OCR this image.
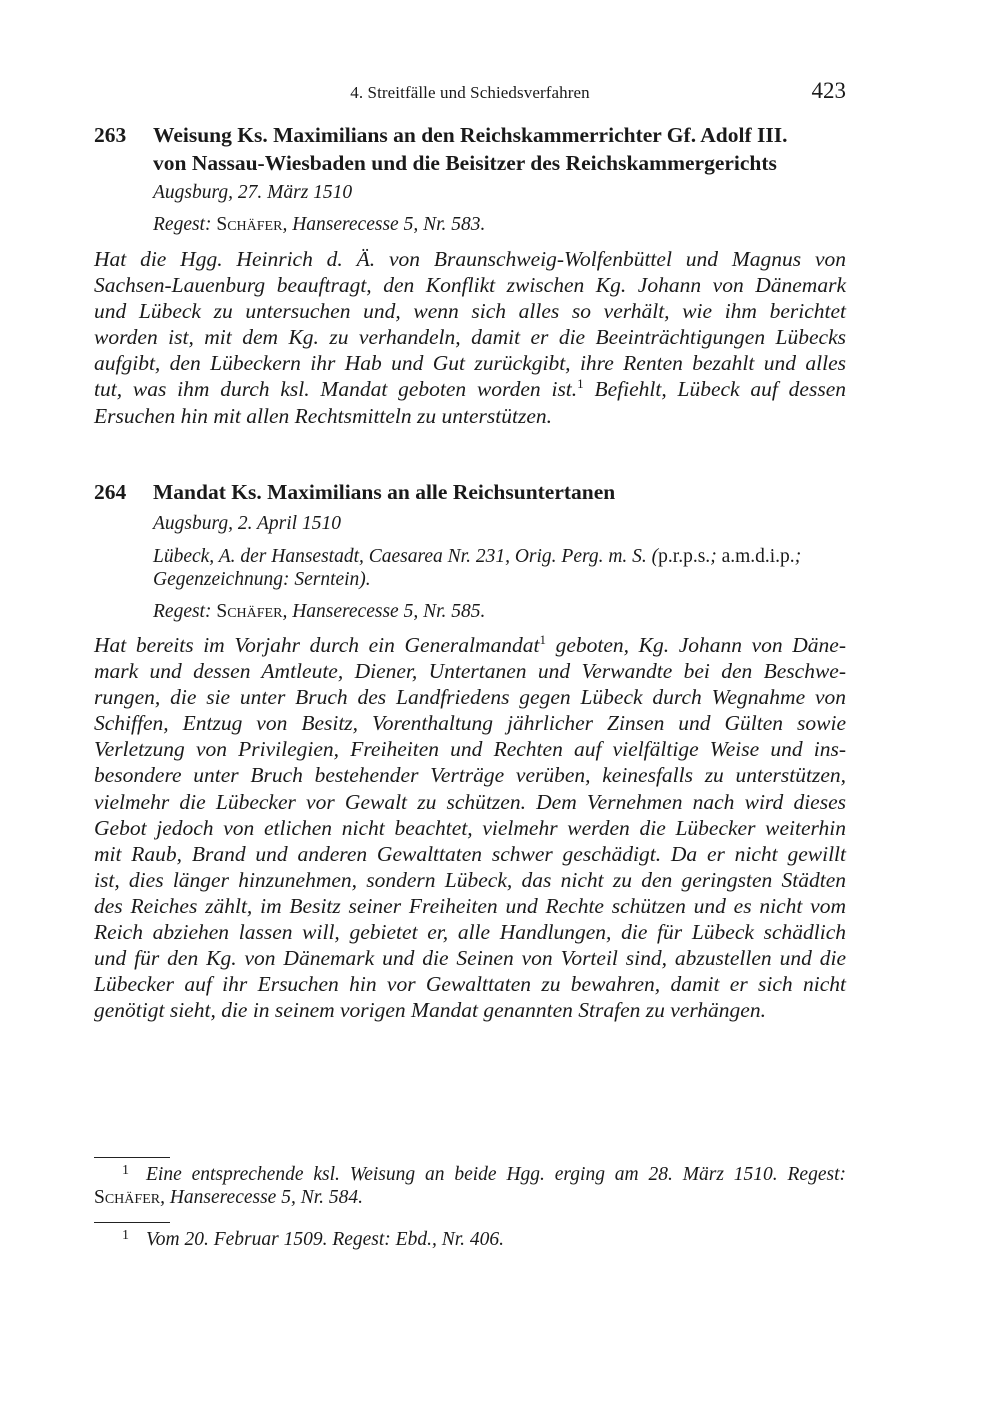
4. Streitfälle und Schiedsverfahren	423
263 Weisung Ks. Maximilians an den Reichskammerrichter Gf. Adolf III.
von Nassau-Wiesbaden und die Beisitzer des Reichskammergerichts
Augsburg, 27. März 1510
Regest: Schäfer, Hanserecesse 5, Nr. 583.
Hat die Hgg. Heinrich d. Ä. von Braunschweig-Wolfenbüttel und Magnus von
Sachsen-Lauenburg beauftragt, den Konflikt zwischen Kg. Johann von Dänemark
und Lübeck zu untersuchen und, wenn sich alles so verhält, wie ihm berichtet
worden ist, mit dem Kg. zu verhandeln, damit er die Beeinträchtigungen Lübecks
aufgibt, den Lübeckern ihr Hab und Gut zurückgibt, ihre Renten bezahlt und alles
tut, was ihm durch ksl. Mandat geboten worden ist.$^1$ Befiehlt, Lübeck auf dessen
Ersuchen hin mit allen Rechtsmitteln zu unterstützen.
264 Mandat Ks. Maximilians an alle Reichsuntertanen
Augsburg, 2. April 1510
Lübeck, A. der Hansestadt, Caesarea Nr. 231, Orig. Perg. m. S. (p.r.p.s.; a.m.d.i.p.;
Gegenzeichnung: Serntein).
Regest: Schäfer, Hanserecesse 5, Nr. 585.
Hat bereits im Vorjahr durch ein Generalmandat$^1$ geboten, Kg. Johann von Däne-
mark und dessen Amtleute, Diener, Untertanen und Verwandte bei den Beschwe-
rungen, die sie unter Bruch des Landfriedens gegen Lübeck durch Wegnahme von
Schiffen, Entzug von Besitz, Vorenthaltung jährlicher Zinsen und Gülten sowie
Verletzung von Privilegien, Freiheiten und Rechten auf vielfältige Weise und ins-
besondere unter Bruch bestehender Verträge verüben, keinesfalls zu unterstützen,
vielmehr die Lübecker vor Gewalt zu schützen. Dem Vernehmen nach wird dieses
Gebot jedoch von etlichen nicht beachtet, vielmehr werden die Lübecker weiterhin
mit Raub, Brand und anderen Gewalttaten schwer geschädigt. Da er nicht gewillt
ist, dies länger hinzunehmen, sondern Lübeck, das nicht zu den geringsten Städten
des Reiches zählt, im Besitz seiner Freiheiten und Rechte schützen und es nicht vom
Reich abziehen lassen will, gebietet er, alle Handlungen, die für Lübeck schädlich
und für den Kg. von Dänemark und die Seinen von Vorteil sind, abzustellen und die
Lübecker auf ihr Ersuchen hin vor Gewalttaten zu bewahren, damit er sich nicht
genötigt sieht, die in seinem vorigen Mandat genannten Strafen zu verhängen.
1 Eine entsprechende ksl. Weisung an beide Hgg. erging am 28. März 1510. Regest:
Schäfer, Hanserecesse 5, Nr. 584.
1 Vom 20. Februar 1509. Regest: Ebd., Nr. 406.
